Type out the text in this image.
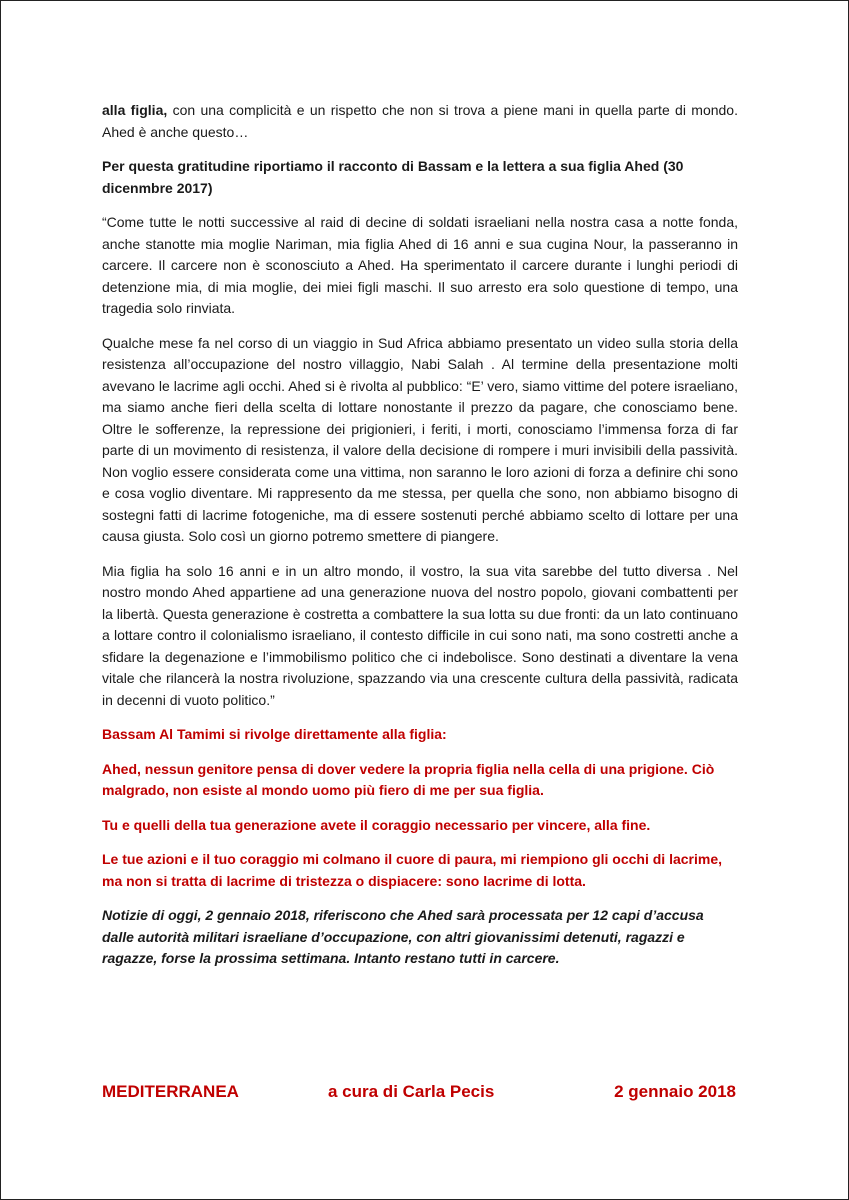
alla figlia, con una complicità e un rispetto che non si trova a piene mani in quella parte di mondo. Ahed è anche questo…

Per questa gratitudine riportiamo il racconto di Bassam e la lettera a sua figlia Ahed (30 dicenmbre 2017)

“Come tutte le notti successive al raid di decine di soldati israeliani nella nostra casa a notte fonda, anche stanotte mia moglie Nariman, mia figlia Ahed di 16 anni e sua cugina Nour, la passeranno in carcere. Il carcere non è sconosciuto a Ahed. Ha sperimentato il carcere durante i lunghi periodi di detenzione mia, di mia moglie, dei miei figli maschi. Il suo arresto era solo questione di tempo, una tragedia solo rinviata.

Qualche mese fa nel corso di un viaggio in Sud Africa abbiamo presentato un video sulla storia della resistenza all’occupazione del nostro villaggio, Nabi Salah . Al termine della presentazione molti avevano le lacrime agli occhi. Ahed si è rivolta al pubblico: “E’ vero, siamo vittime del potere israeliano, ma siamo anche fieri della scelta di lottare nonostante il prezzo da pagare, che conosciamo bene. Oltre le sofferenze, la repressione dei prigionieri, i feriti, i morti, conosciamo l’immensa forza di far parte di un movimento di resistenza, il valore della decisione di rompere i muri invisibili della passività. Non voglio essere considerata come una vittima, non saranno le loro azioni di forza a definire chi sono e cosa voglio diventare. Mi rappresento da me stessa, per quella che sono, non abbiamo bisogno di sostegni fatti di lacrime fotogeniche, ma di essere sostenuti perché abbiamo scelto di lottare per una causa giusta. Solo così un giorno potremo smettere di piangere.

Mia figlia ha solo 16 anni e in un altro mondo, il vostro, la sua vita sarebbe del tutto diversa . Nel nostro mondo Ahed appartiene ad una generazione nuova del nostro popolo, giovani combattenti per la libertà. Questa generazione è costretta a combattere la sua lotta su due fronti: da un lato continuano a lottare contro il colonialismo israeliano, il contesto difficile in cui sono nati, ma sono costretti anche a sfidare la degenazione e l’immobilismo politico che ci indebolisce. Sono destinati a diventare la vena vitale che rilancerà la nostra rivoluzione, spazzando via una crescente cultura della passività, radicata in decenni di vuoto politico.”

Bassam Al Tamimi si rivolge direttamente alla figlia:

Ahed, nessun genitore pensa di dover vedere la propria figlia nella cella di una prigione. Ciò malgrado, non esiste al mondo uomo più fiero di me per sua figlia.

Tu e quelli della tua generazione avete il coraggio necessario per vincere, alla fine.

Le tue azioni e il tuo coraggio mi colmano il cuore di paura, mi riempiono gli occhi di lacrime, ma non si tratta di lacrime di tristezza o dispiacere: sono lacrime di lotta.

Notizie di oggi, 2 gennaio 2018, riferiscono che Ahed sarà processata per 12 capi d’accusa dalle autorità militari israeliane d’occupazione, con altri giovanissimi detenuti, ragazzi e ragazze, forse la prossima settimana. Intanto restano tutti in carcere.

MEDITERRANEA	a cura di Carla Pecis	2 gennaio 2018
